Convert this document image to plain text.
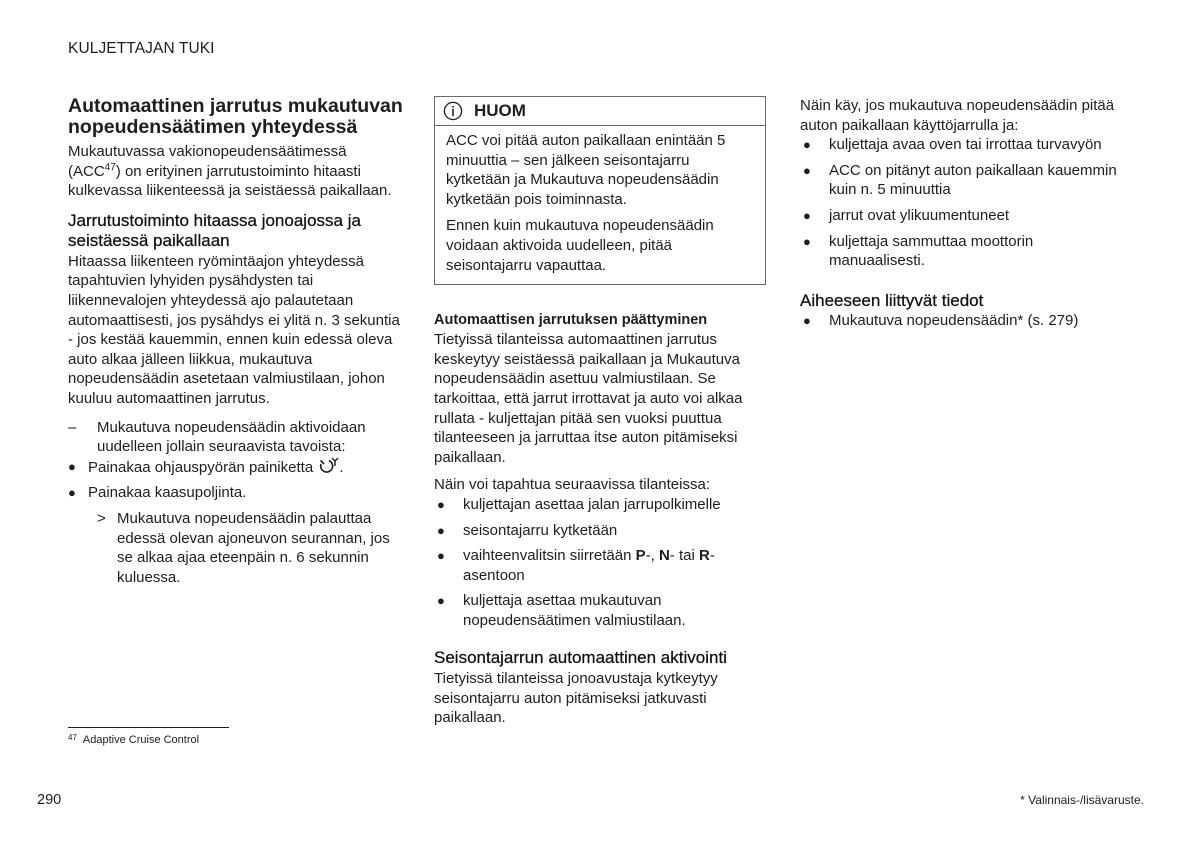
KULJETTAJAN TUKI
Automaattinen jarrutus mukautuvan nopeudensäätimen yhteydessä

Mukautuvassa vakionopeudensäätimessä (ACC$^{47}$) on erityinen jarrutustoiminto hitaasti kulkevassa liikenteessä ja seistäessä paikallaan.

Jarrutustoiminto hitaassa jonoajossa ja seistäessä paikallaan

Hitaassa liikenteen ryömintäajon yhteydessä tapahtuvien lyhyiden pysähdysten tai liikennevalojen yhteydessä ajo palautetaan automaattisesti, jos pysähdys ei ylitä n. 3 sekuntia - jos kestää kauemmin, ennen kuin edessä oleva auto alkaa jälleen liikkua, mukautuva nopeudensäädin asetetaan valmiustilaan, johon kuuluu automaattinen jarrutus.

– Mukautuva nopeudensäädin aktivoidaan uudelleen jollain seuraavista tavoista:
● Painakaa ohjauspyörän painiketta .
● Painakaa kaasupoljinta.
> Mukautuva nopeudensäädin palauttaa edessä olevan ajoneuvon seurannan, jos se alkaa ajaa eteenpäin n. 6 sekunnin kuluessa.
HUOM

ACC voi pitää auton paikallaan enintään 5 minuuttia – sen jälkeen seisontajarru kytketään ja Mukautuva nopeudensäädin kytketään pois toiminnasta.

Ennen kuin mukautuva nopeudensäädin voidaan aktivoida uudelleen, pitää seisontajarru vapauttaa.

Automaattisen jarrutuksen päättyminen

Tietyissä tilanteissa automaattinen jarrutus keskeytyy seistäessä paikallaan ja Mukautuva nopeudensäädin asettuu valmiustilaan. Se tarkoittaa, että jarrut irrottavat ja auto voi alkaa rullata - kuljettajan pitää sen vuoksi puuttua tilanteeseen ja jarruttaa itse auton pitämiseksi paikallaan.

Näin voi tapahtua seuraavissa tilanteissa:

● kuljettajan asettaa jalan jarrupolkimelle
● seisontajarru kytketään
● vaihteenvalitsin siirretään P-, N- tai R-asentoon
● kuljettaja asettaa mukautuvan nopeudensäätimen valmiustilaan.
Seisontajarrun automaattinen aktivointi

Tietyissä tilanteissa jonoavustaja kytkeytyy seisontajarru auton pitämiseksi jatkuvasti paikallaan.

Näin käy, jos mukautuva nopeudensäädin pitää auton paikallaan käyttöjarrulla ja:

● kuljettaja avaa oven tai irrottaa turvavyön
● ACC on pitänyt auton paikallaan kauemmin kuin n. 5 minuuttia
● jarrut ovat ylikuumentuneet
● kuljettaja sammuttaa moottorin manuaalisesti.
Aiheeseen liittyvät tiedot
● Mukautuva nopeudensäädin* (s. 279)
$^{47}$ Adaptive Cruise Control
290	* Valinnais-/lisävaruste.
